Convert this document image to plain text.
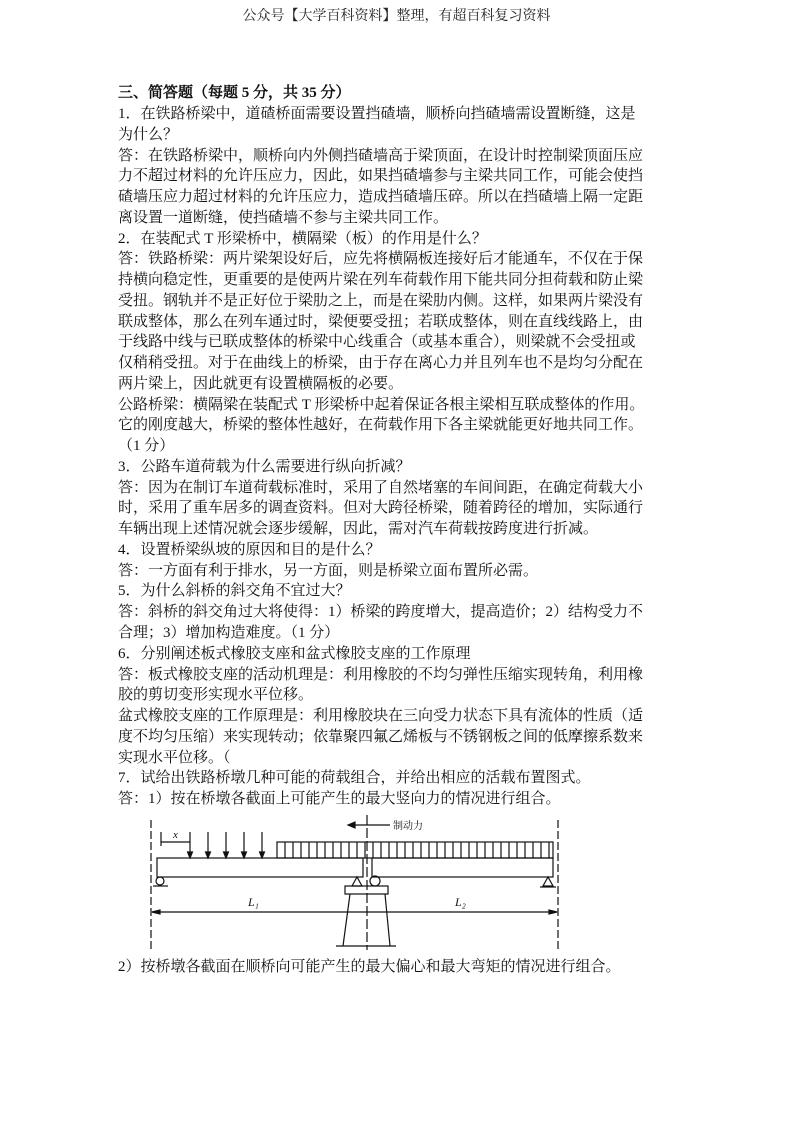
公众号【大学百科资料】整理，有超百科复习资料
三、简答题（每题 5 分，共 35 分）
1．在铁路桥梁中，道碴桥面需要设置挡碴墙，顺桥向挡碴墙需设置断缝，这是
为什么？
答：在铁路桥梁中，顺桥向内外侧挡碴墙高于梁顶面，在设计时控制梁顶面压应
力不超过材料的允许压应力，因此，如果挡碴墙参与主梁共同工作，可能会使挡
碴墙压应力超过材料的允许压应力，造成挡碴墙压碎。所以在挡碴墙上隔一定距
离设置一道断缝，使挡碴墙不参与主梁共同工作。
2．在装配式 T 形梁桥中，横隔梁（板）的作用是什么？
答：铁路桥梁：两片梁架设好后，应先将横隔板连接好后才能通车，不仅在于保
持横向稳定性，更重要的是使两片梁在列车荷载作用下能共同分担荷载和防止梁
受扭。钢轨并不是正好位于梁肋之上，而是在梁肋内侧。这样，如果两片梁没有
联成整体，那么在列车通过时，梁便要受扭；若联成整体，则在直线线路上，由
于线路中线与已联成整体的桥梁中心线重合（或基本重合），则梁就不会受扭或
仅稍稍受扭。对于在曲线上的桥梁，由于存在离心力并且列车也不是均匀分配在
两片梁上，因此就更有设置横隔板的必要。
公路桥梁：横隔梁在装配式 T 形梁桥中起着保证各根主梁相互联成整体的作用。
它的刚度越大，桥梁的整体性越好，在荷载作用下各主梁就能更好地共同工作。
（1 分）
3．公路车道荷载为什么需要进行纵向折减？
答：因为在制订车道荷载标准时，采用了自然堵塞的车间间距，在确定荷载大小
时，采用了重车居多的调查资料。但对大跨径桥梁，随着跨径的增加，实际通行
车辆出现上述情况就会逐步缓解，因此，需对汽车荷载按跨度进行折减。
4．设置桥梁纵坡的原因和目的是什么？
答：一方面有利于排水，另一方面，则是桥梁立面布置所必需。
5．为什么斜桥的斜交角不宜过大？
答：斜桥的斜交角过大将使得：1）桥梁的跨度增大，提高造价；2）结构受力不
合理；3）增加构造难度。（1 分）
6．分别阐述板式橡胶支座和盆式橡胶支座的工作原理
答：板式橡胶支座的活动机理是：利用橡胶的不均匀弹性压缩实现转角，利用橡
胶的剪切变形实现水平位移。
盆式橡胶支座的工作原理是：利用橡胶块在三向受力状态下具有流体的性质（适
度不均匀压缩）来实现转动；依靠聚四氟乙烯板与不锈钢板之间的低摩擦系数来
实现水平位移。（
7．试给出铁路桥墩几种可能的荷载组合，并给出相应的活载布置图式。
答：1）按在桥墩各截面上可能产生的最大竖向力的情况进行组合。
制动力
x
L₁	L₂
2）按桥墩各截面在顺桥向可能产生的最大偏心和最大弯矩的情况进行组合。
